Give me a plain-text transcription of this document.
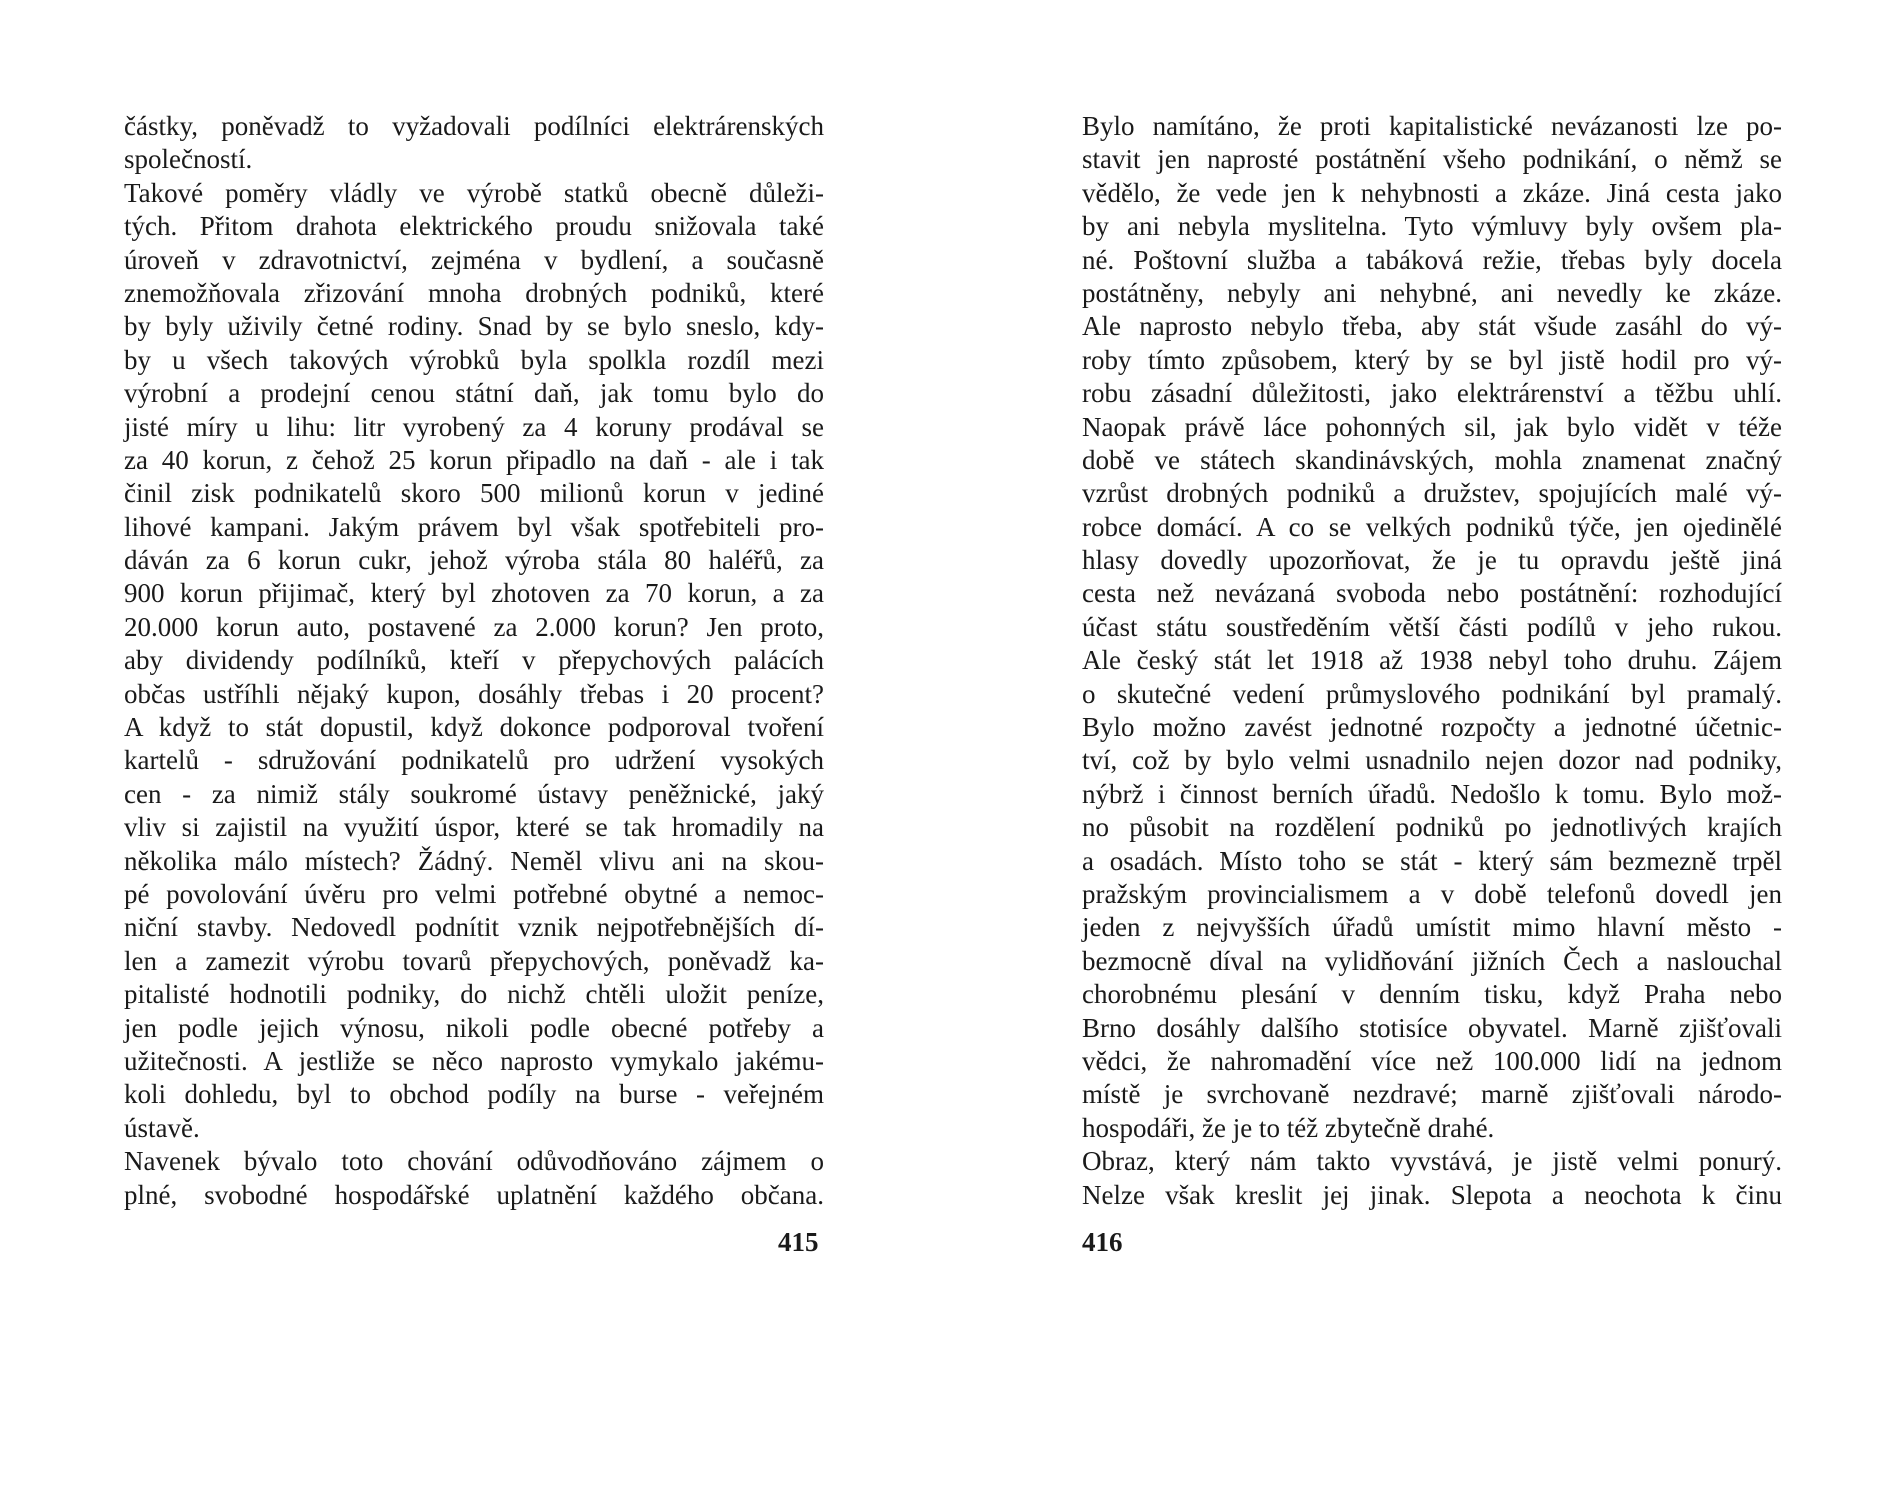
částky, poněvadž to vyžadovali podílníci elektrárenských
společností.
Takové poměry vládly ve výrobě statků obecně důleži-
tých. Přitom drahota elektrického proudu snižovala také
úroveň v zdravotnictví, zejména v bydlení, a současně
znemožňovala zřizování mnoha drobných podniků, které
by byly uživily četné rodiny. Snad by se bylo sneslo, kdy-
by u všech takových výrobků byla spolkla rozdíl mezi
výrobní a prodejní cenou státní daň, jak tomu bylo do
jisté míry u lihu: litr vyrobený za 4 koruny prodával se
za 40 korun, z čehož 25 korun připadlo na daň - ale i tak
činil zisk podnikatelů skoro 500 milionů korun v jediné
lihové kampani. Jakým právem byl však spotřebiteli pro-
dáván za 6 korun cukr, jehož výroba stála 80 haléřů, za
900 korun přijimač, který byl zhotoven za 70 korun, a za
20.000 korun auto, postavené za 2.000 korun? Jen proto,
aby dividendy podílníků, kteří v přepychových palácích
občas ustříhli nějaký kupon, dosáhly třebas i 20 procent?
A když to stát dopustil, když dokonce podporoval tvoření
kartelů - sdružování podnikatelů pro udržení vysokých
cen - za nimiž stály soukromé ústavy peněžnické, jaký
vliv si zajistil na využití úspor, které se tak hromadily na
několika málo místech? Žádný. Neměl vlivu ani na skou-
pé povolování úvěru pro velmi potřebné obytné a nemoc-
niční stavby. Nedovedl podnítit vznik nejpotřebnějších dí-
len a zamezit výrobu tovarů přepychových, poněvadž ka-
pitalisté hodnotili podniky, do nichž chtěli uložit peníze,
jen podle jejich výnosu, nikoli podle obecné potřeby a
užitečnosti. A jestliže se něco naprosto vymykalo jakému-
koli dohledu, byl to obchod podíly na burse - veřejném
ústavě.
Navenek bývalo toto chování odůvodňováno zájmem o
plné, svobodné hospodářské uplatnění každého občana.
415
Bylo namítáno, že proti kapitalistické nevázanosti lze po-
stavit jen naprosté postátnění všeho podnikání, o němž se
vědělo, že vede jen k nehybnosti a zkáze. Jiná cesta jako
by ani nebyla myslitelna. Tyto výmluvy byly ovšem pla-
né. Poštovní služba a tabáková režie, třebas byly docela
postátněny, nebyly ani nehybné, ani nevedly ke zkáze.
Ale naprosto nebylo třeba, aby stát všude zasáhl do vý-
roby tímto způsobem, který by se byl jistě hodil pro vý-
robu zásadní důležitosti, jako elektrárenství a těžbu uhlí.
Naopak právě láce pohonných sil, jak bylo vidět v téže
době ve státech skandinávských, mohla znamenat značný
vzrůst drobných podniků a družstev, spojujících malé vý-
robce domácí. A co se velkých podniků týče, jen ojedinělé
hlasy dovedly upozorňovat, že je tu opravdu ještě jiná
cesta než nevázaná svoboda nebo postátnění: rozhodující
účast státu soustředěním větší části podílů v jeho rukou.
Ale český stát let 1918 až 1938 nebyl toho druhu. Zájem
o skutečné vedení průmyslového podnikání byl pramalý.
Bylo možno zavést jednotné rozpočty a jednotné účetnic-
tví, což by bylo velmi usnadnilo nejen dozor nad podniky,
nýbrž i činnost berních úřadů. Nedošlo k tomu. Bylo mož-
no působit na rozdělení podniků po jednotlivých krajích
a osadách. Místo toho se stát - který sám bezmezně trpěl
pražským provincialismem a v době telefonů dovedl jen
jeden z nejvyšších úřadů umístit mimo hlavní město -
bezmocně díval na vylidňování jižních Čech a naslouchal
chorobnému plesání v denním tisku, když Praha nebo
Brno dosáhly dalšího stotisíce obyvatel. Marně zjišťovali
vědci, že nahromadění více než 100.000 lidí na jednom
místě je svrchovaně nezdravé; marně zjišťovali národo-
hospodáři, že je to též zbytečně drahé.
Obraz, který nám takto vyvstává, je jistě velmi ponurý.
Nelze však kreslit jej jinak. Slepota a neochota k činu
416
